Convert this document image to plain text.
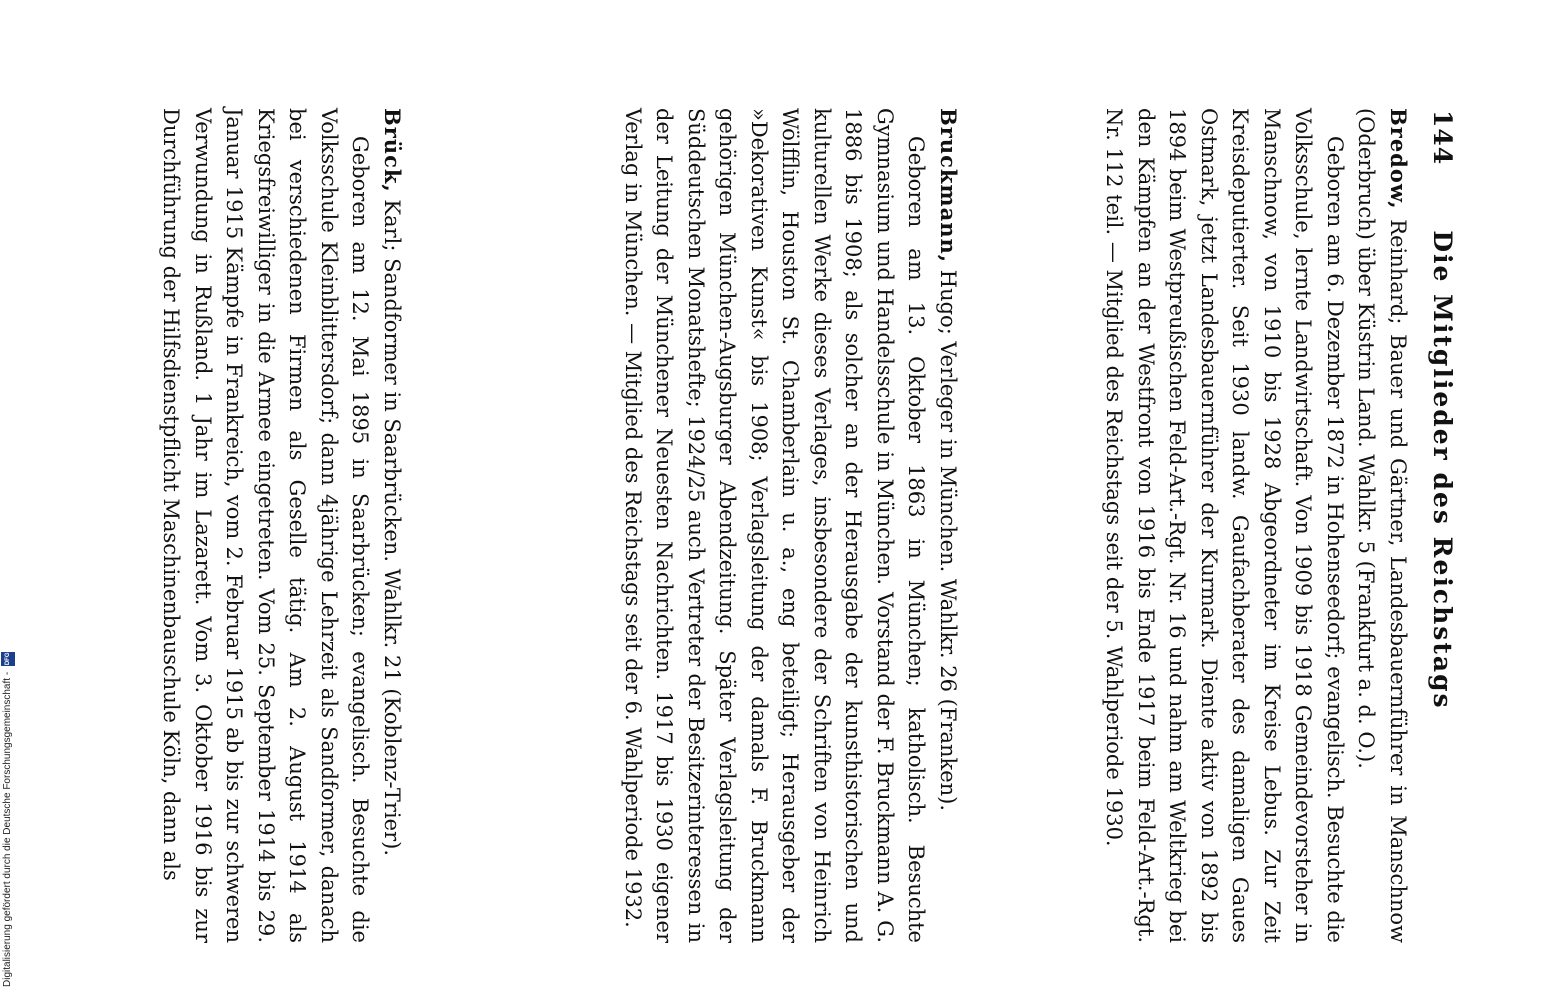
144
Die Mitglieder des Reichstags

Bredow, Reinhard; Bauer und Gärtner, Landesbauernführer in Manschnow (Oderbruch) über Küstrin Land. Wahlkr. 5 (Frankfurt a. d. O.).

Geboren am 6. Dezember 1872 in Hohenseedorf; evangelisch. Besuchte die Volksschule, lernte Landwirtschaft. Von 1909 bis 1918 Gemeindevorsteher in Manschnow, von 1910 bis 1928 Abgeordneter im Kreise Lebus. Zur Zeit Kreisdeputierter. Seit 1930 landw. Gaufachberater des damaligen Gaues Ostmark, jetzt Landesbauernführer der Kurmark. Diente aktiv von 1892 bis 1894 beim Westpreußischen Feld-Art.-Rgt. Nr. 16 und nahm am Weltkrieg bei den Kämpfen an der Westfront von 1916 bis Ende 1917 beim Feld-Art.-Rgt. Nr. 112 teil. — Mitglied des Reichstags seit der 5. Wahlperiode 1930.

Bruckmann, Hugo; Verleger in München. Wahlkr. 26 (Franken).

Geboren am 13. Oktober 1863 in München; katholisch. Besuchte Gymnasium und Handelsschule in München. Vorstand der F. Bruckmann A. G. 1886 bis 1908; als solcher an der Herausgabe der kunsthistorischen und kulturellen Werke dieses Verlages, insbesondere der Schriften von Heinrich Wölfflin, Houston St. Chamberlain u. a., eng beteiligt; Herausgeber der »Dekorativen Kunst« bis 1908; Verlagsleitung der damals F. Bruckmann gehörigen München-Augsburger Abendzeitung. Später Verlagsleitung der Süddeutschen Monatshefte; 1924/25 auch Vertreter der Besitzerinteressen in der Leitung der Münchener Neuesten Nachrichten. 1917 bis 1930 eigener Verlag in München. — Mitglied des Reichstags seit der 6. Wahlperiode 1932.

Brück, Karl; Sandformer in Saarbrücken. Wahlkr. 21 (Koblenz-Trier).

Geboren am 12. Mai 1895 in Saarbrücken; evangelisch. Besuchte die Volksschule Kleinblittersdorf; dann 4jährige Lehrzeit als Sandformer, danach bei verschiedenen Firmen als Geselle tätig. Am 2. August 1914 als Kriegsfreiwilliger in die Armee eingetreten. Vom 25. September 1914 bis 29. Januar 1915 Kämpfe in Frankreich, vom 2. Februar 1915 ab bis zur schweren Verwundung in Rußland. 1 Jahr im Lazarett. Vom 3. Oktober 1916 bis zur Durchführung der Hilfsdienstpflicht Maschinenbauschule Köln, dann als

Digitalisierung gefördert durch die Deutsche Forschungsgemeinschaft -
DFG
